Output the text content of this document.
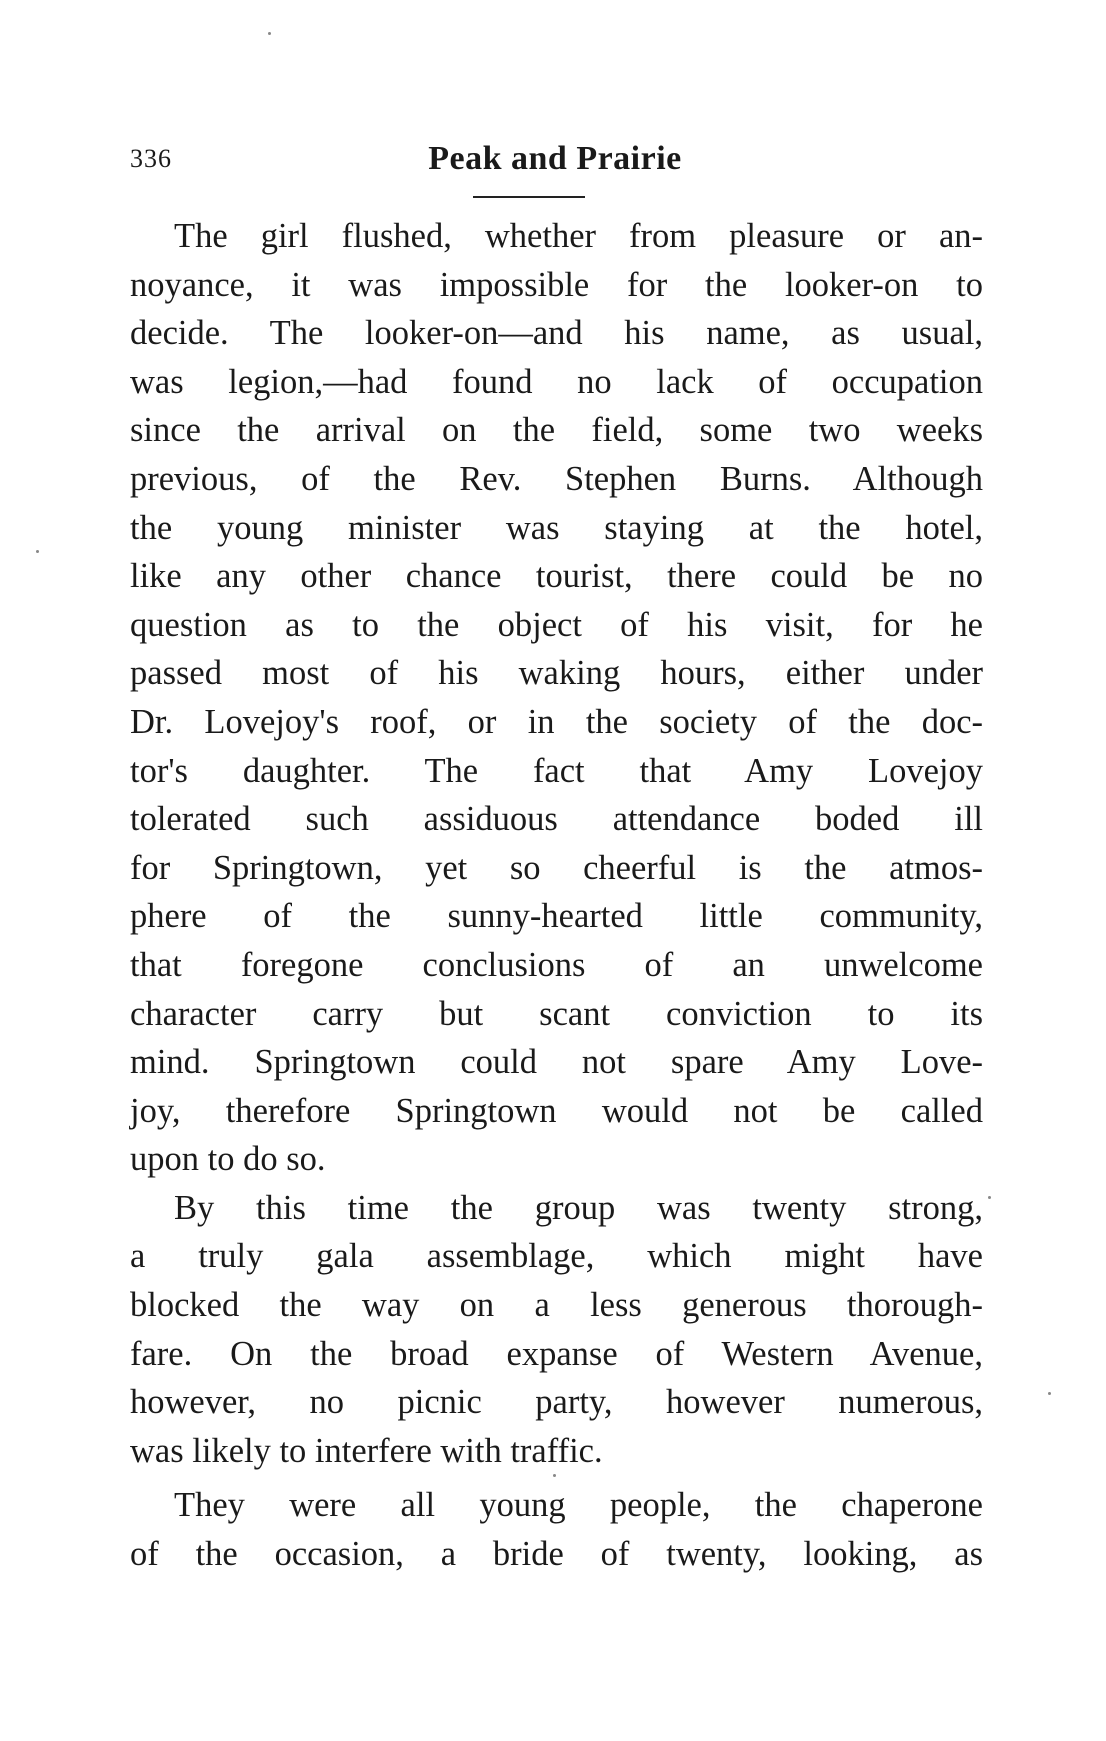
336	Peak and Prairie
The girl flushed, whether from pleasure or an-
noyance, it was impossible for the looker-on to
decide. The looker-on—and his name, as usual,
was legion,—had found no lack of occupation
since the arrival on the field, some two weeks
previous, of the Rev. Stephen Burns. Although
the young minister was staying at the hotel,
like any other chance tourist, there could be no
question as to the object of his visit, for he
passed most of his waking hours, either under
Dr. Lovejoy's roof, or in the society of the doc-
tor's daughter. The fact that Amy Lovejoy
tolerated such assiduous attendance boded ill
for Springtown, yet so cheerful is the atmos-
phere of the sunny-hearted little community,
that foregone conclusions of an unwelcome
character carry but scant conviction to its
mind. Springtown could not spare Amy Love-
joy, therefore Springtown would not be called
upon to do so.
By this time the group was twenty strong,
a truly gala assemblage, which might have
blocked the way on a less generous thorough-
fare. On the broad expanse of Western Avenue,
however, no picnic party, however numerous,
was likely to interfere with traffic.
They were all young people, the chaperone
of the occasion, a bride of twenty, looking, as
